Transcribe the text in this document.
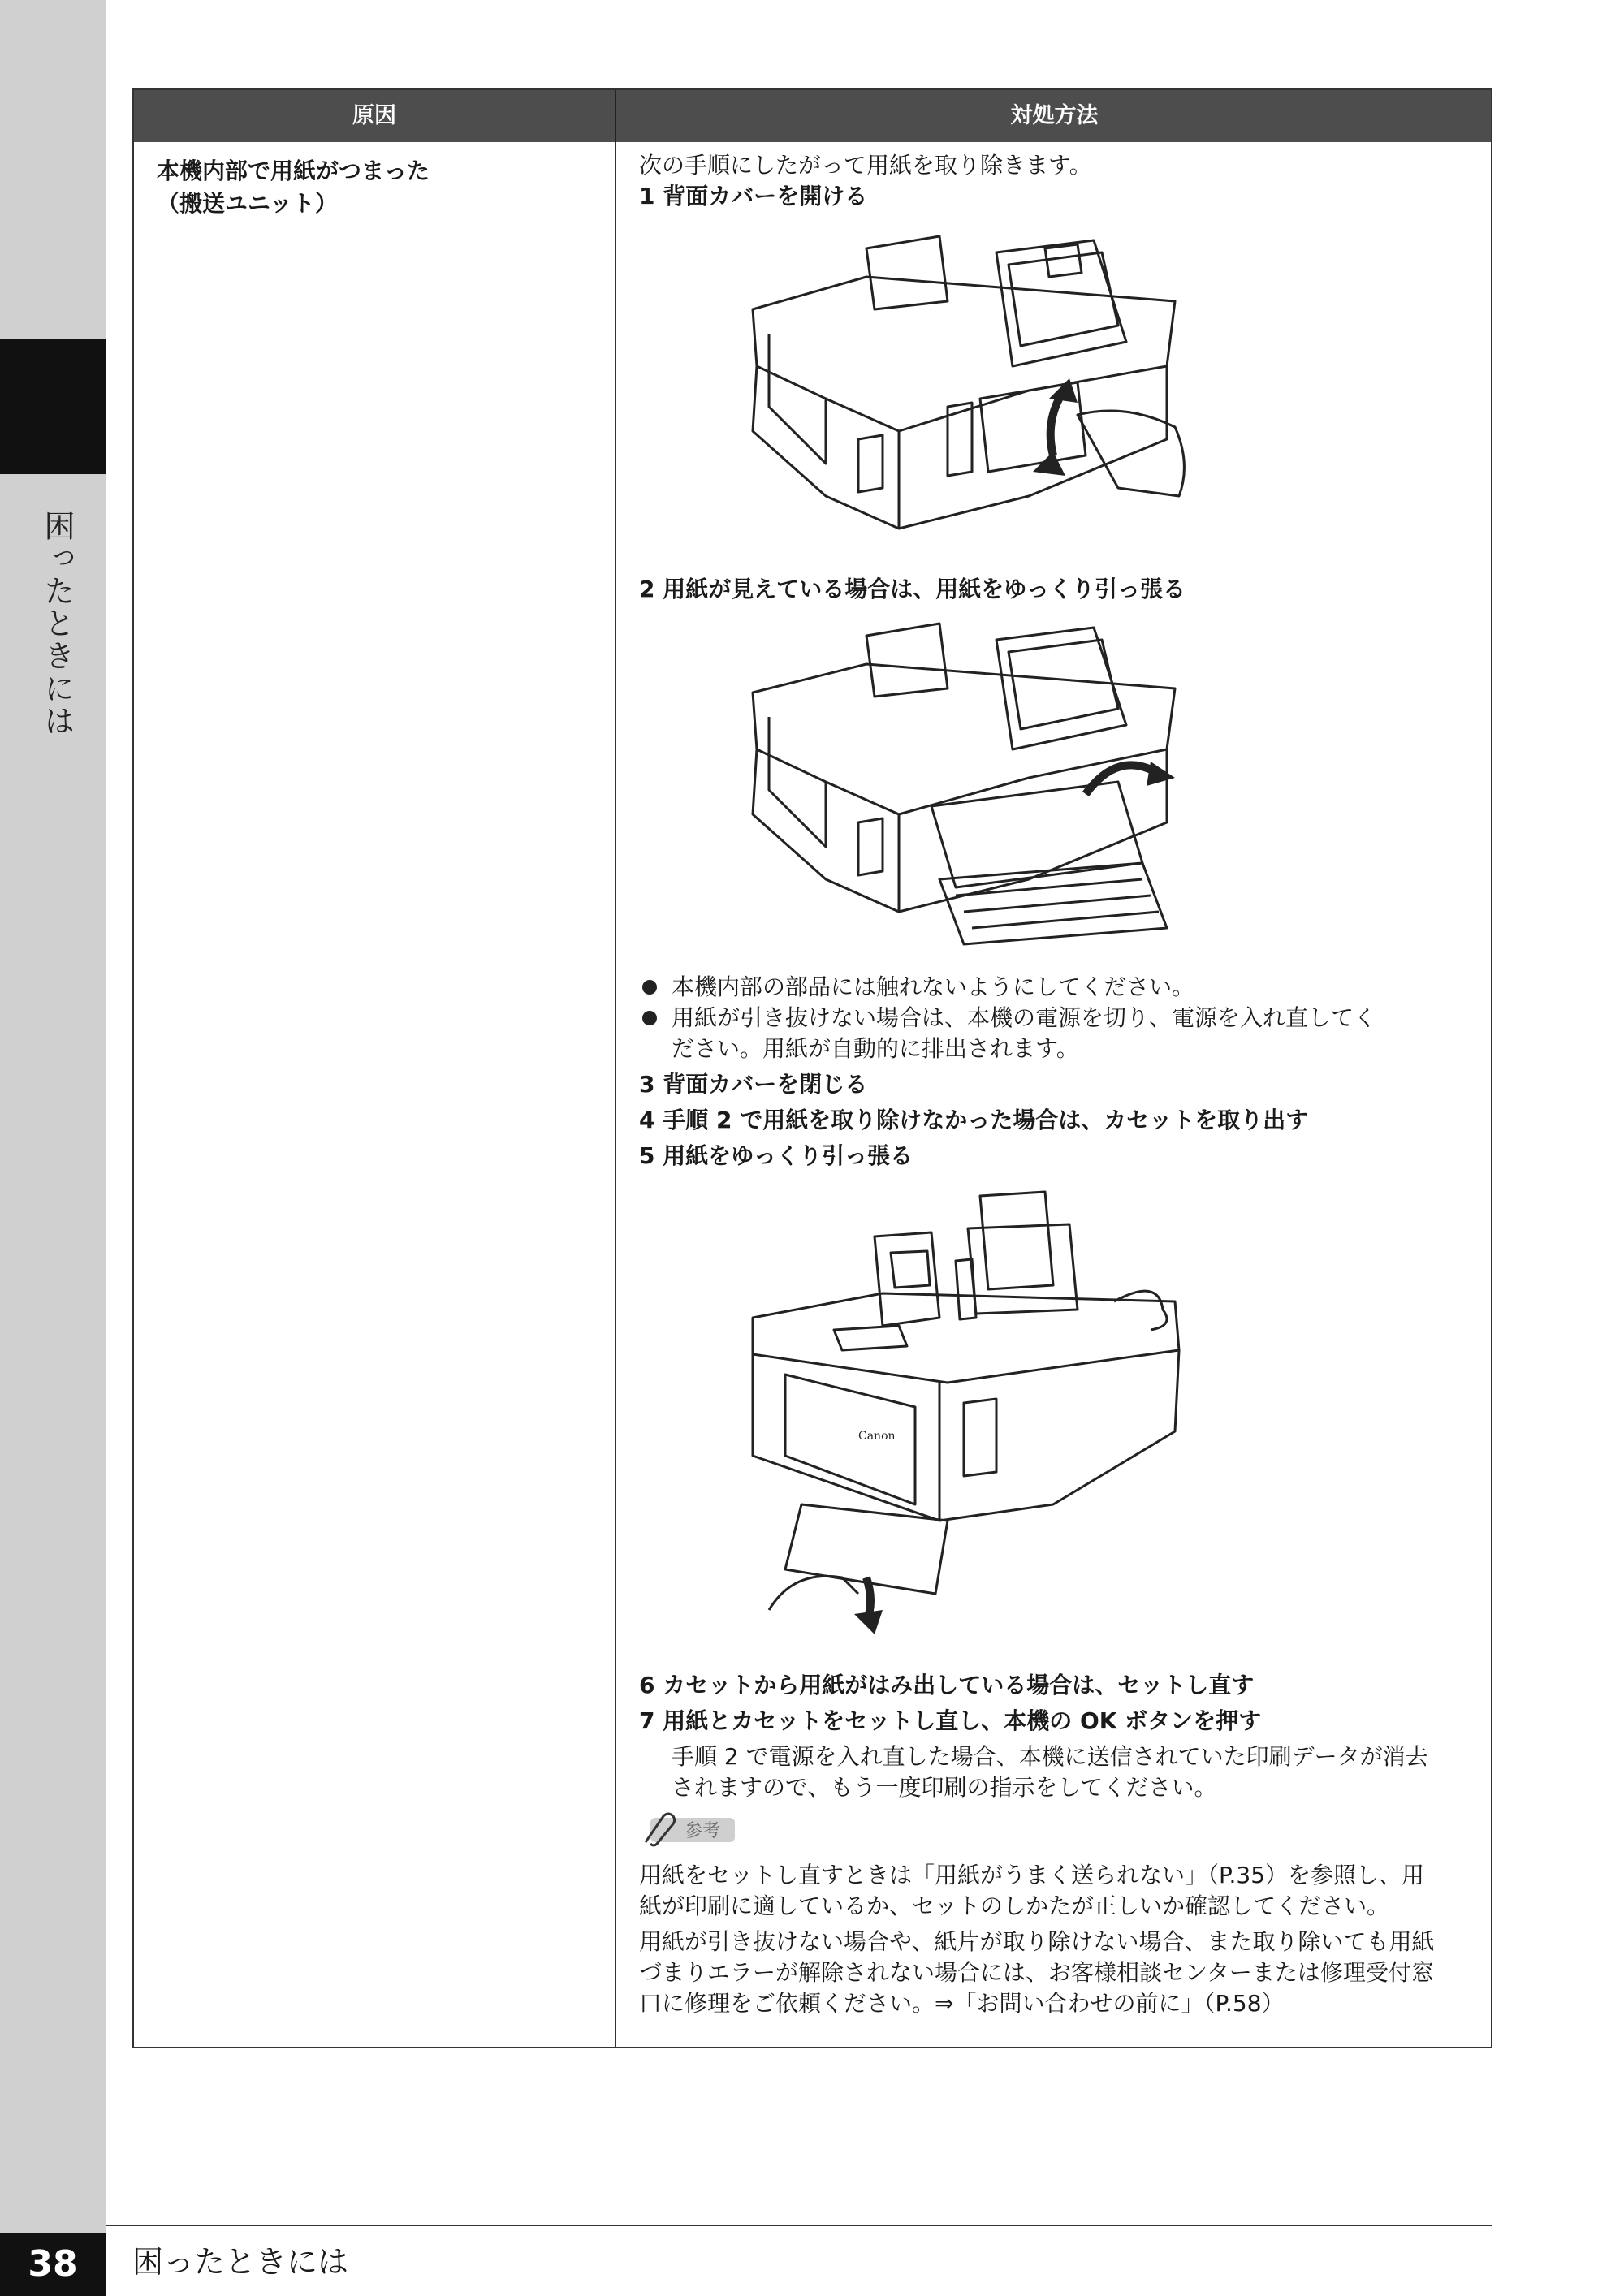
困ったときには
原因	対処方法
本機内部で用紙がつまった
（搬送ユニット）

次の手順にしたがって用紙を取り除きます。

1 背面カバーを開ける

2 用紙が見えている場合は、用紙をゆっくり引っ張る

本機内部の部品には触れないようにしてください。
用紙が引き抜けない場合は、本機の電源を切り、電源を入れ直してく

ださい。用紙が自動的に排出されます。

3 背面カバーを閉じる

4 手順 2 で用紙を取り除けなかった場合は、カセットを取り出す

5 用紙をゆっくり引っ張る

Canon

6 カセットから用紙がはみ出している場合は、セットし直す

7 用紙とカセットをセットし直し、本機の OK ボタンを押す

手順 2 で電源を入れ直した場合、本機に送信されていた印刷データが消去

されますので、もう一度印刷の指示をしてください。

参考

用紙をセットし直すときは「用紙がうまく送られない」（P.35）を参照し、用

紙が印刷に適しているか、セットのしかたが正しいか確認してください。

用紙が引き抜けない場合や、紙片が取り除けない場合、また取り除いても用紙

づまりエラーが解除されない場合には、お客様相談センターまたは修理受付窓

口に修理をご依頼ください。⇒「お問い合わせの前に」（P.58）

38	困ったときには
